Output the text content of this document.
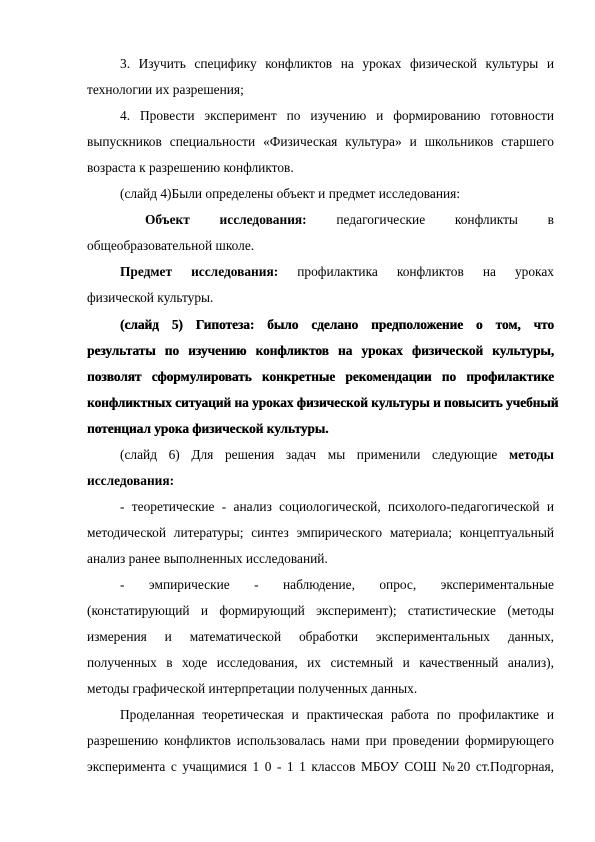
3. Изучить специфику конфликтов на уроках физической культуры и
технологии их разрешения;
4. Провести эксперимент по изучению и формированию готовности
выпускников специальности «Физическая культура» и школьников старшего
возраста к разрешению конфликтов.
(слайд 4)Были определены объект и предмет исследования:
Объект исследования: педагогические конфликты в
общеобразовательной школе.
Предмет исследования: профилактика конфликтов на уроках
физической культуры.
(слайд 5) Гипотеза: было сделано предположение о том, что
результаты по изучению конфликтов на уроках физической культуры,
позволят сформулировать конкретные рекомендации по профилактике
конфликтных ситуаций на уроках физической культуры и повысить учебный
потенциал урока физической культуры.
(слайд 6) Для решения задач мы применили следующие методы
исследования:
- теоретические - анализ социологической, психолого-педагогической и
методической литературы; синтез эмпирического материала; концептуальный
анализ ранее выполненных исследований.
- эмпирические - наблюдение, опрос, экспериментальные
(констатирующий и формирующий эксперимент); статистические (методы
измерения и математической обработки экспериментальных данных,
полученных в ходе исследования, их системный и качественный анализ),
методы графической интерпретации полученных данных.
Проделанная теоретическая и практическая работа по профилактике и
разрешению конфликтов использовалась нами при проведении формирующего
эксперимента с учащимися 1 0 - 1 1 классов МБОУ СОШ №20 ст.Подгорная,
